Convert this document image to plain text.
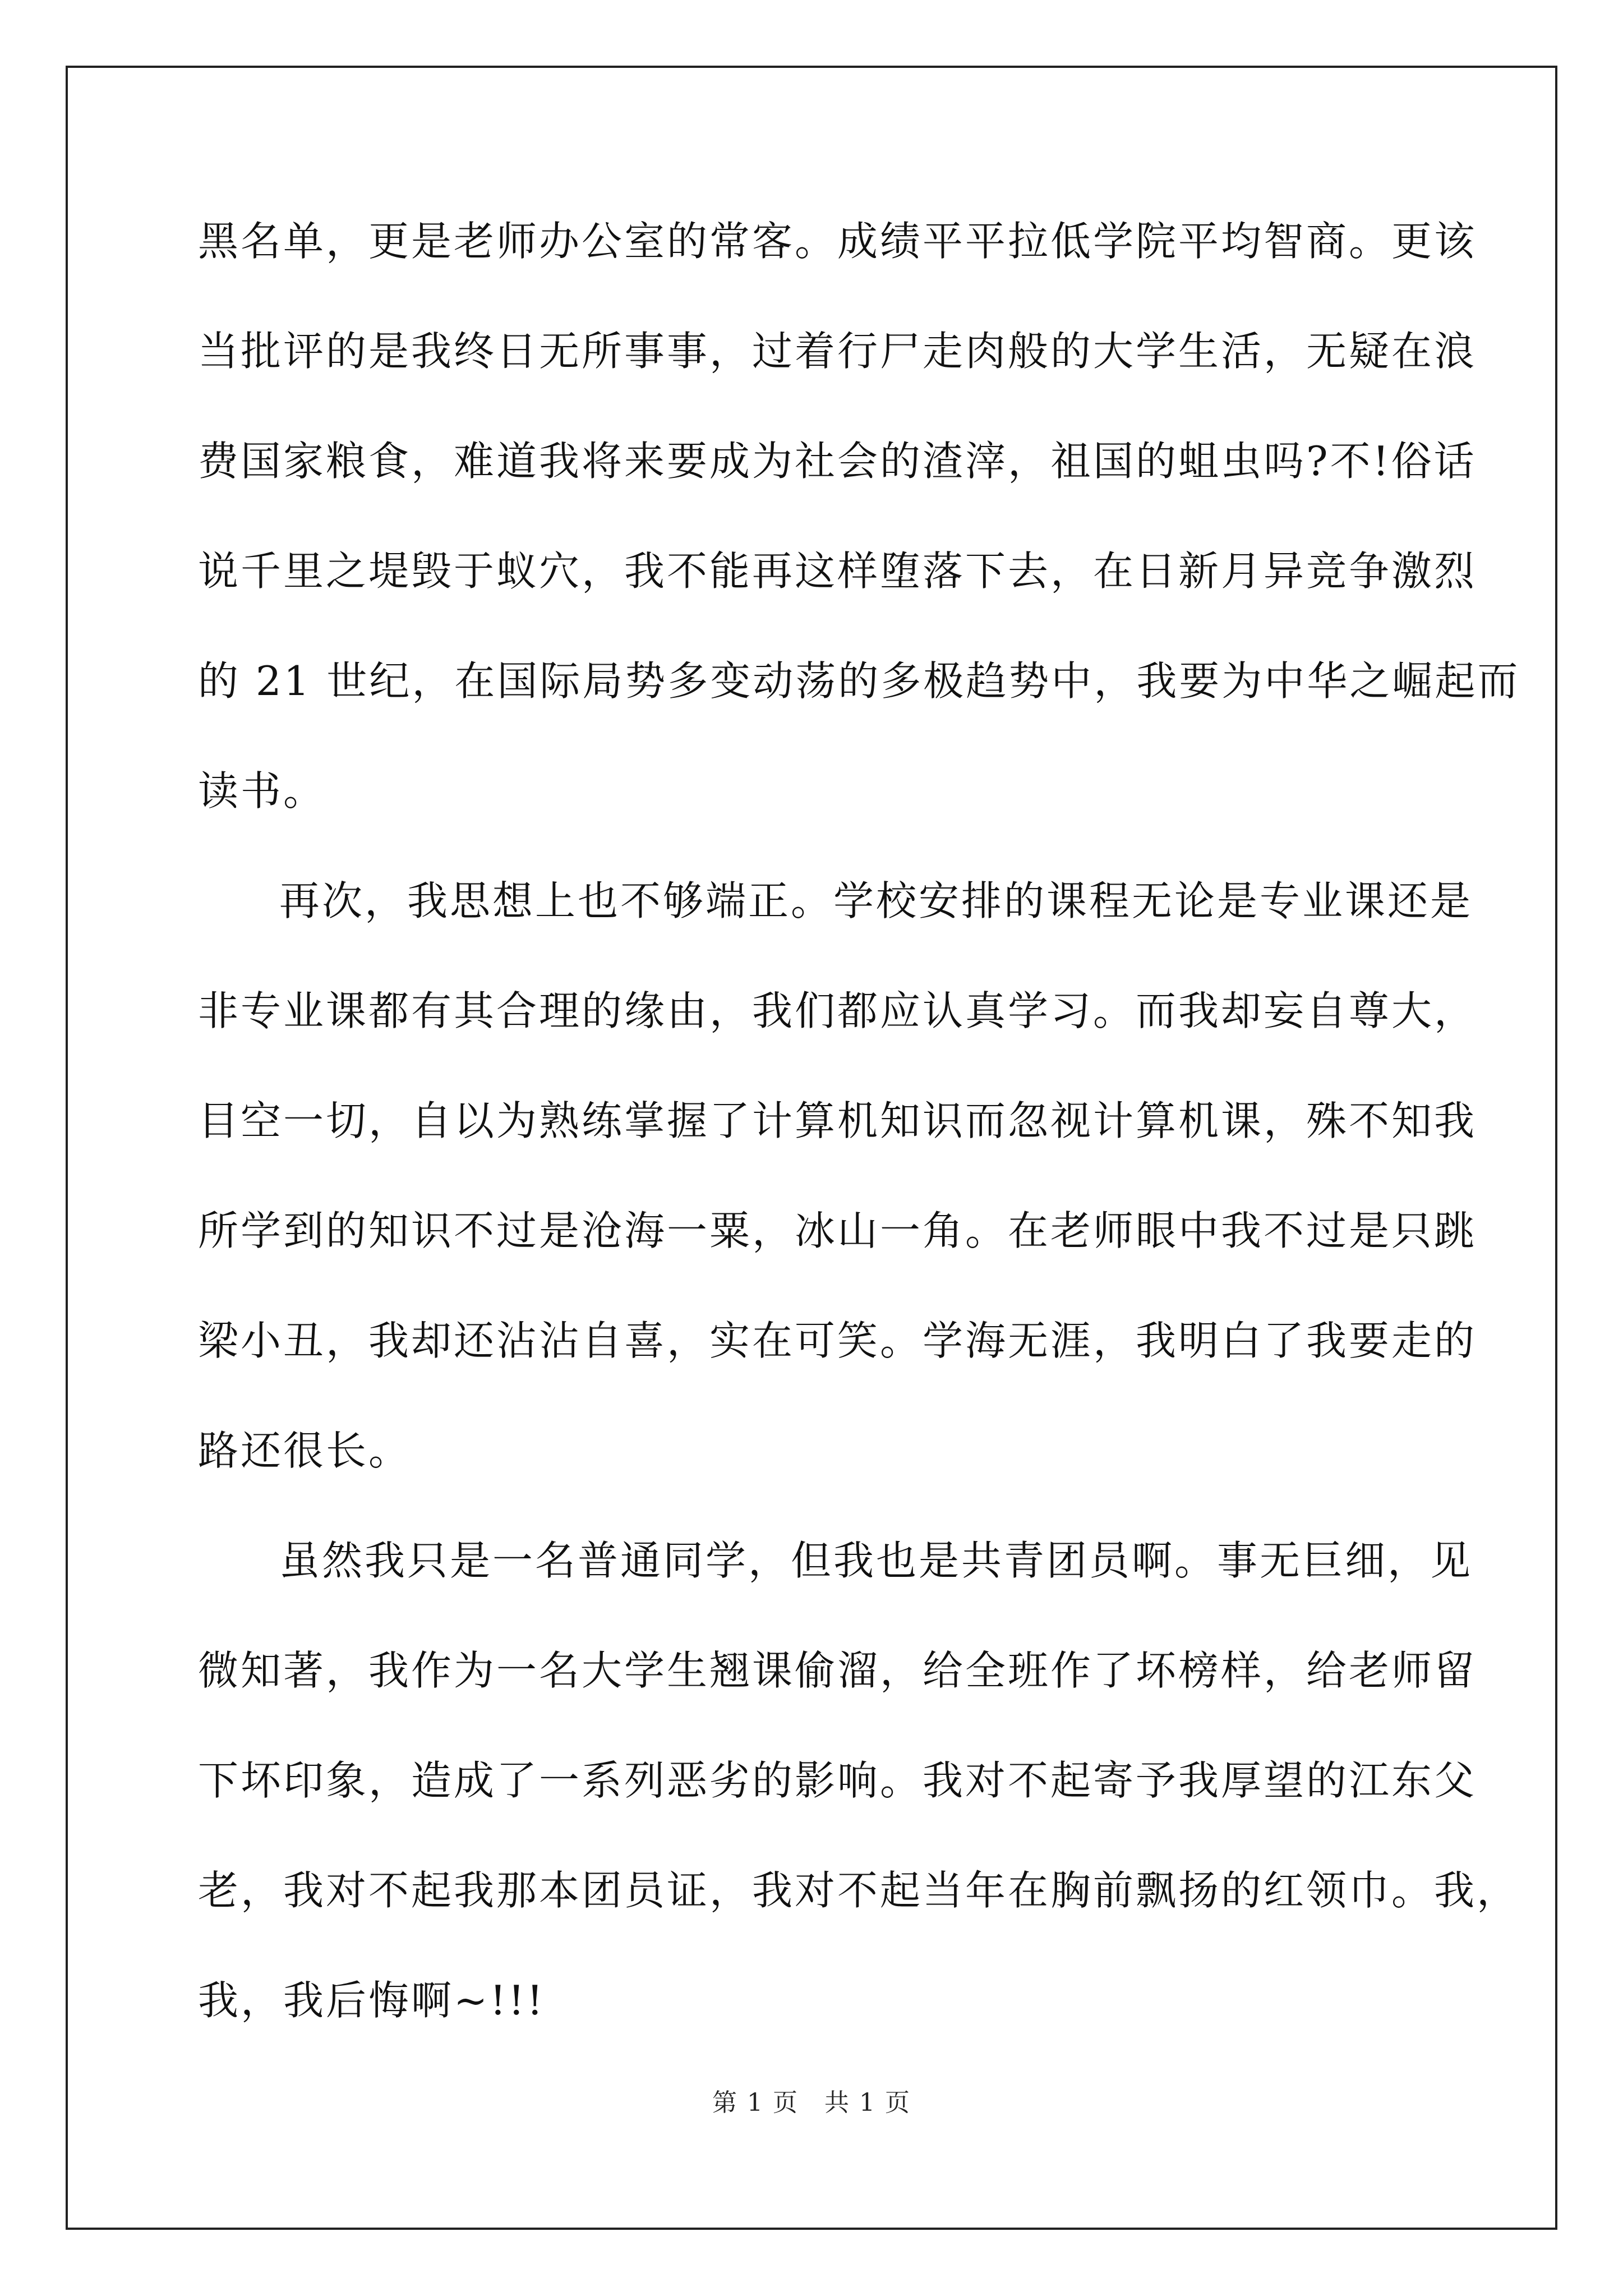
黑名单，更是老师办公室的常客。成绩平平拉低学院平均智商。更该
当批评的是我终日无所事事，过着行尸走肉般的大学生活，无疑在浪
费国家粮食，难道我将来要成为社会的渣滓，祖国的蛆虫吗?不!俗话
说千里之堤毁于蚁穴，我不能再这样堕落下去，在日新月异竞争激烈
的 21 世纪，在国际局势多变动荡的多极趋势中，我要为中华之崛起而
读书。
再次，我思想上也不够端正。学校安排的课程无论是专业课还是
非专业课都有其合理的缘由，我们都应认真学习。而我却妄自尊大，
目空一切，自以为熟练掌握了计算机知识而忽视计算机课，殊不知我
所学到的知识不过是沧海一粟，冰山一角。在老师眼中我不过是只跳
梁小丑，我却还沾沾自喜，实在可笑。学海无涯，我明白了我要走的
路还很长。
虽然我只是一名普通同学，但我也是共青团员啊。事无巨细，见
微知著，我作为一名大学生翘课偷溜，给全班作了坏榜样，给老师留
下坏印象，造成了一系列恶劣的影响。我对不起寄予我厚望的江东父
老，我对不起我那本团员证，我对不起当年在胸前飘扬的红领巾。我，
我，我后悔啊~!!!
第 1 页　共 1 页
